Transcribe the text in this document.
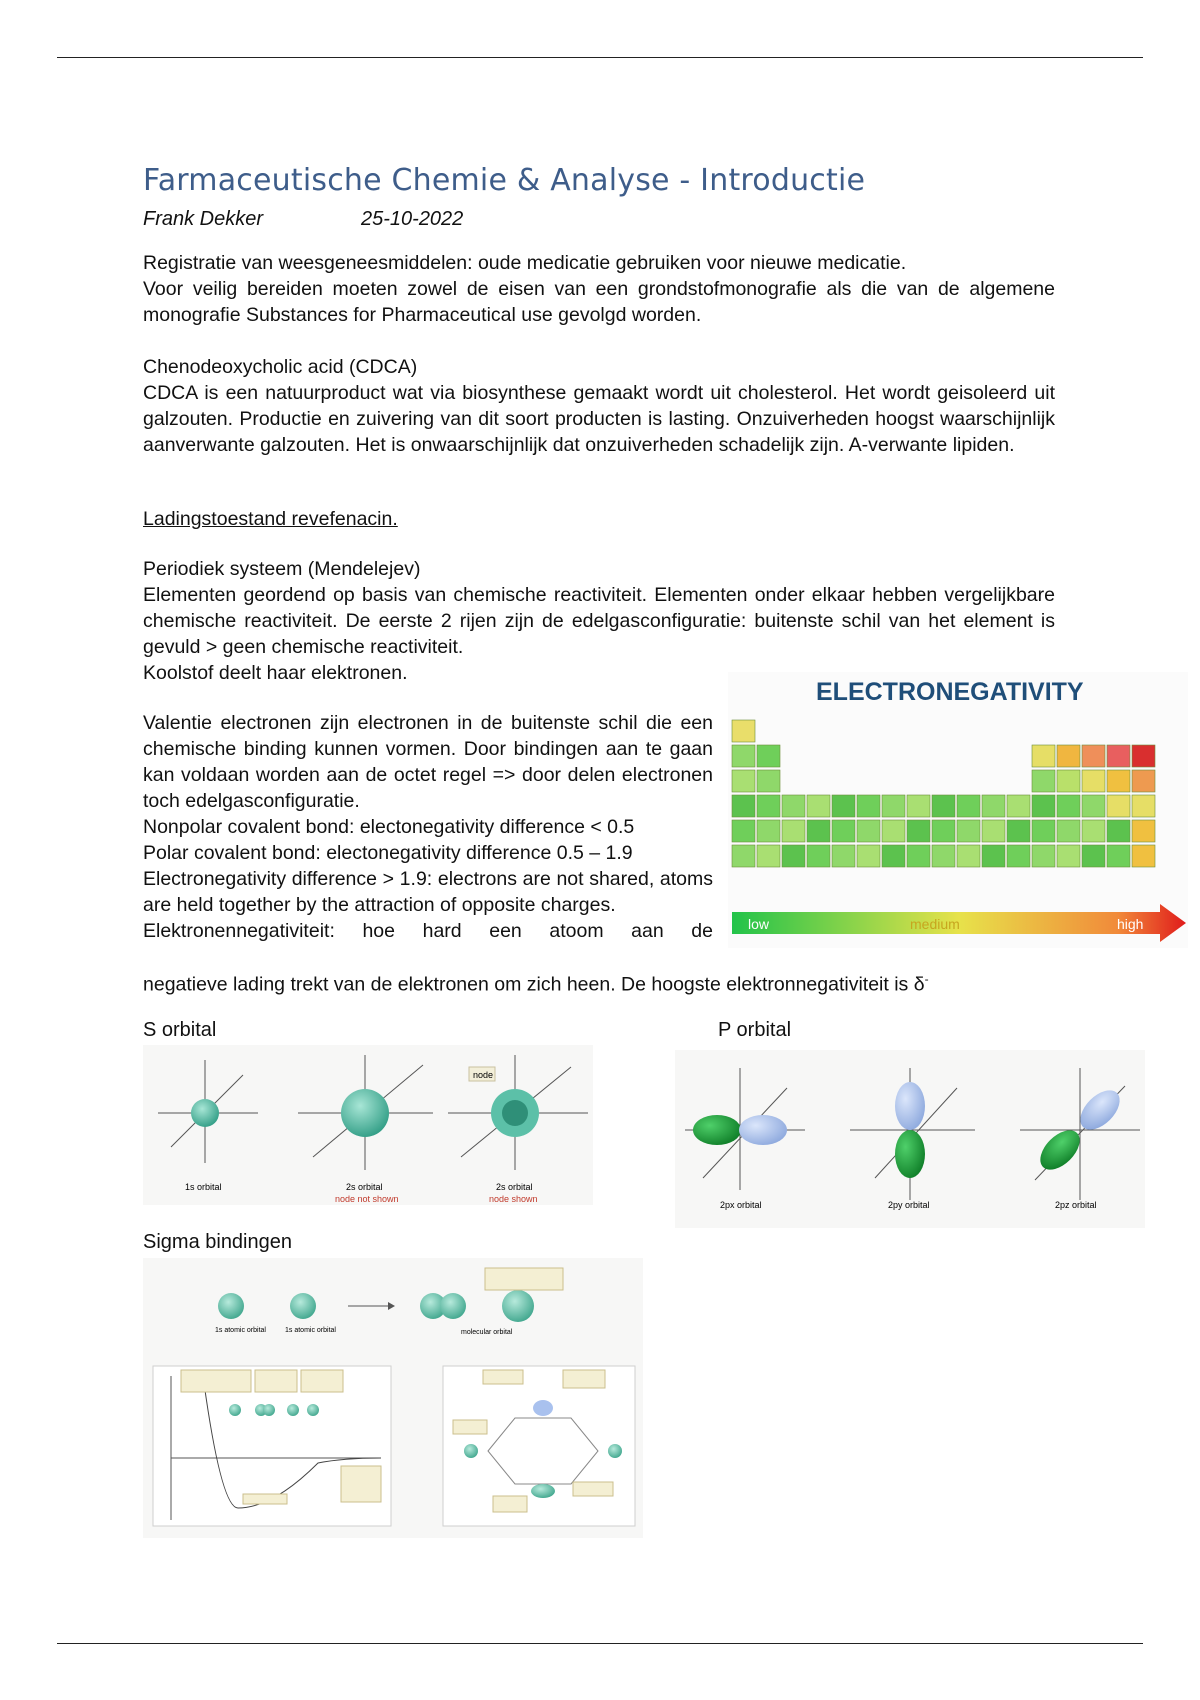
Farmaceutische Chemie & Analyse - Introductie
Frank Dekker	25-10-2022

Registratie van weesgeneesmiddelen: oude medicatie gebruiken voor nieuwe medicatie.

Voor veilig bereiden moeten zowel de eisen van een grondstofmonografie als die van de algemene monografie Substances for Pharmaceutical use gevolgd worden.

Chenodeoxycholic acid (CDCA)

CDCA is een natuurproduct wat via biosynthese gemaakt wordt uit cholesterol. Het wordt geisoleerd uit galzouten. Productie en zuivering van dit soort producten is lasting. Onzuiverheden hoogst waarschijnlijk aanverwante galzouten. Het is onwaarschijnlijk dat onzuiverheden schadelijk zijn. A-verwante lipiden.

Ladingstoestand revefenacin.

Periodiek systeem (Mendelejev)

Elementen geordend op basis van chemische reactiviteit. Elementen onder elkaar hebben vergelijkbare chemische reactiviteit. De eerste 2 rijen zijn de edelgasconfiguratie: buitenste schil van het element is gevuld > geen chemische reactiviteit.

Koolstof deelt haar elektronen.

Valentie electronen zijn electronen in de buitenste schil die een chemische binding kunnen vormen. Door bindingen aan te gaan kan voldaan worden aan de octet regel => door delen electronen toch edelgasconfiguratie.

Nonpolar covalent bond: electonegativity difference < 0.5

Polar covalent bond: electonegativity difference 0.5 – 1.9

Electronegativity difference > 1.9: electrons are not shared, atoms are held together by the attraction of opposite charges.

Elektronennegativiteit: hoe hard een atoom aan de

negatieve lading trekt van de elektronen om zich heen. De hoogste elektronnegativiteit is δ-
ELECTRONEGATIVITY
low	medium	high
S orbital
node
1s orbital	2s orbital
node not shown
2s orbital
node shown
P orbital
2px orbital	2py orbital	2pz orbital
Sigma bindingen
1s atomic orbital	1s atomic orbital	molecular orbital
